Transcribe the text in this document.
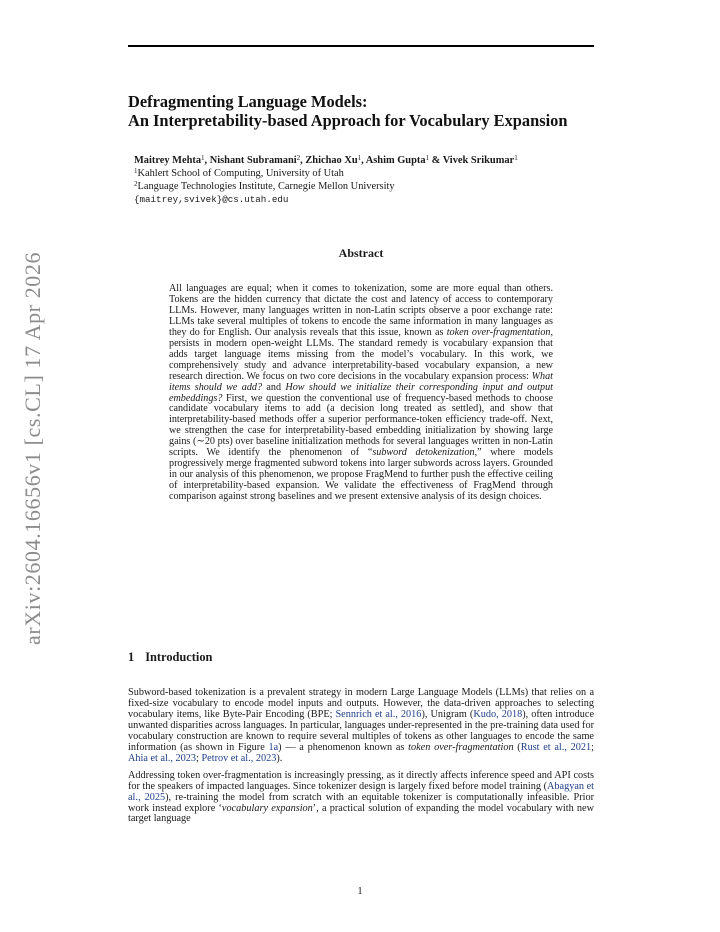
arXiv:2604.16656v1 [cs.CL] 17 Apr 2026
Defragmenting Language Models:
An Interpretability-based Approach for Vocabulary Expansion
Maitrey Mehta$^1$, Nishant Subramani$^2$, Zhichao Xu$^1$, Ashim Gupta$^1$ & Vivek Srikumar$^1$
$^1$Kahlert School of Computing, University of Utah
$^2$Language Technologies Institute, Carnegie Mellon University
{maitrey,svivek}@cs.utah.edu
Abstract
All languages are equal; when it comes to tokenization, some are more equal than others. Tokens are the hidden currency that dictate the cost and latency of access to contemporary LLMs. However, many languages written in non-Latin scripts observe a poor exchange rate: LLMs take several multiples of tokens to encode the same information in many languages as they do for English. Our analysis reveals that this issue, known as token over-fragmentation, persists in modern open-weight LLMs. The standard remedy is vocabulary expansion that adds target language items missing from the model’s vocabulary. In this work, we comprehensively study and advance interpretability-based vocabulary expansion, a new research direction. We focus on two core decisions in the vocabulary expansion process: What items should we add? and How should we initialize their corresponding input and output embeddings? First, we question the conventional use of frequency-based methods to choose candidate vocabulary items to add (a decision long treated as settled), and show that interpretability-based methods offer a superior performance-token efficiency trade-off. Next, we strengthen the case for interpretability-based embedding initialization by showing large gains (∼20 pts) over baseline initialization methods for several languages written in non-Latin scripts. We identify the phenomenon of “subword detokenization,” where models progressively merge fragmented subword tokens into larger subwords across layers. Grounded in our analysis of this phenomenon, we propose FragMend to further push the effective ceiling of interpretability-based expansion. We validate the effectiveness of FragMend through comparison against strong baselines and we present extensive analysis of its design choices.
1 Introduction

Subword-based tokenization is a prevalent strategy in modern Large Language Models (LLMs) that relies on a fixed-size vocabulary to encode model inputs and outputs. However, the data-driven approaches to selecting vocabulary items, like Byte-Pair Encoding (BPE; Sennrich et al., 2016), Unigram (Kudo, 2018), often introduce unwanted disparities across languages. In particular, languages under-represented in the pre-training data used for vocabulary construction are known to require several multiples of tokens as other languages to encode the same information (as shown in Figure 1a) — a phenomenon known as token over-fragmentation (Rust et al., 2021; Ahia et al., 2023; Petrov et al., 2023).

Addressing token over-fragmentation is increasingly pressing, as it directly affects inference speed and API costs for the speakers of impacted languages. Since tokenizer design is largely fixed before model training (Abagyan et al., 2025), re-training the model from scratch with an equitable tokenizer is computationally infeasible. Prior work instead explore ‘vocabulary expansion’, a practical solution of expanding the model vocabulary with new target language

1
